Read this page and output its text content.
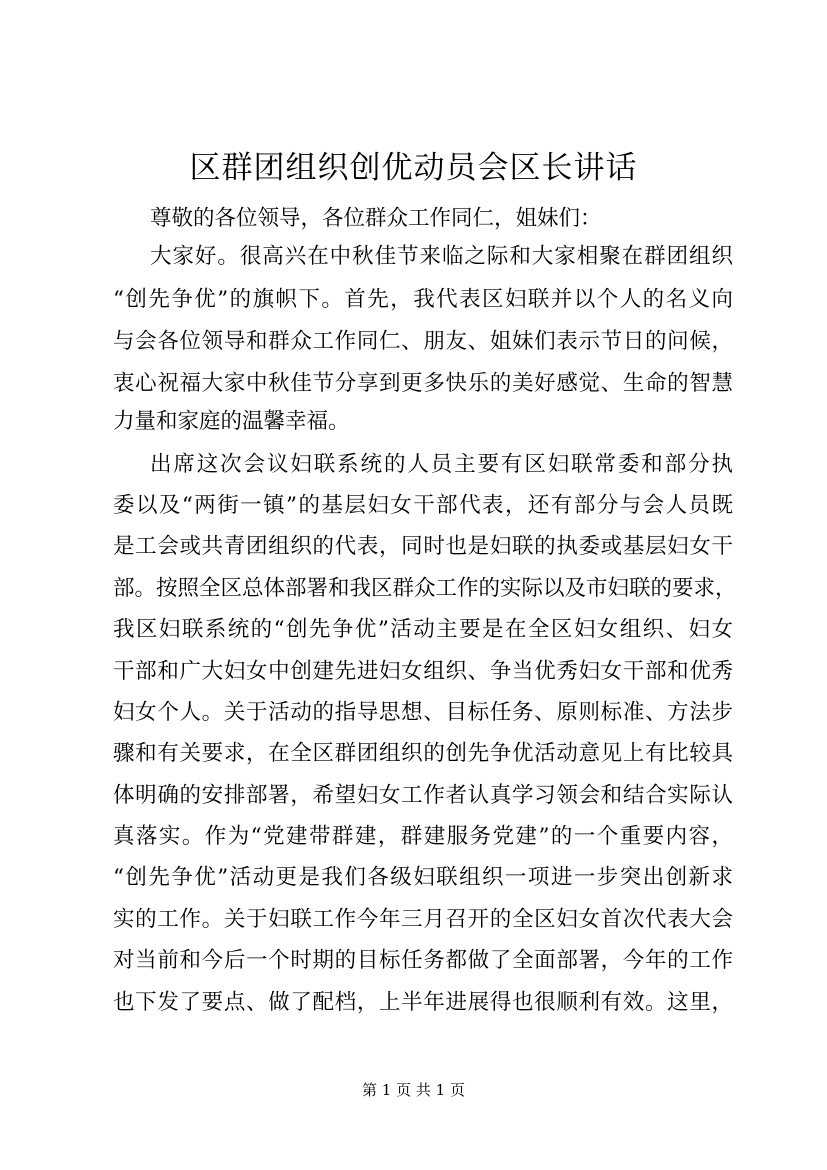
区群团组织创优动员会区长讲话

尊敬的各位领导，各位群众工作同仁，姐妹们：

大家好。很高兴在中秋佳节来临之际和大家相聚在群团组织

“创先争优”的旗帜下。首先，我代表区妇联并以个人的名义向

与会各位领导和群众工作同仁、朋友、姐妹们表示节日的问候，

衷心祝福大家中秋佳节分享到更多快乐的美好感觉、生命的智慧

力量和家庭的温馨幸福。

出席这次会议妇联系统的人员主要有区妇联常委和部分执

委以及“两街一镇”的基层妇女干部代表，还有部分与会人员既

是工会或共青团组织的代表，同时也是妇联的执委或基层妇女干

部。按照全区总体部署和我区群众工作的实际以及市妇联的要求，

我区妇联系统的“创先争优”活动主要是在全区妇女组织、妇女

干部和广大妇女中创建先进妇女组织、争当优秀妇女干部和优秀

妇女个人。关于活动的指导思想、目标任务、原则标准、方法步

骤和有关要求，在全区群团组织的创先争优活动意见上有比较具

体明确的安排部署，希望妇女工作者认真学习领会和结合实际认

真落实。作为“党建带群建，群建服务党建”的一个重要内容，

“创先争优”活动更是我们各级妇联组织一项进一步突出创新求

实的工作。关于妇联工作今年三月召开的全区妇女首次代表大会

对当前和今后一个时期的目标任务都做了全面部署，今年的工作

也下发了要点、做了配档，上半年进展得也很顺利有效。这里，

第 1 页 共 1 页
